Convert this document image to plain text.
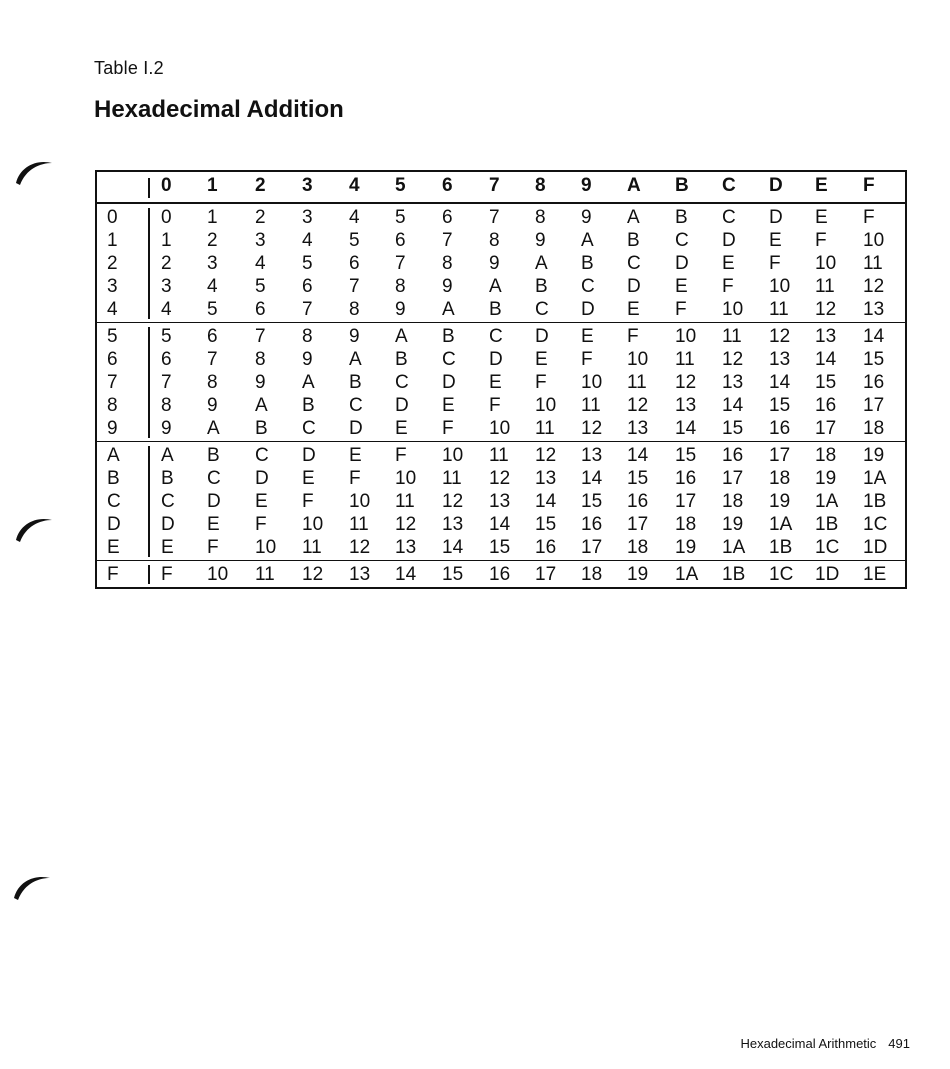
Table I.2
Hexadecimal Addition
0 1 2 3 4 5 6 7 8 9 A B C D E F
0 0 1 2 3 4 5 6 7 8 9 A B C D E F
1 1 2 3 4 5 6 7 8 9 A B C D E F 10
2 2 3 4 5 6 7 8 9 A B C D E F 10 11
3 3 4 5 6 7 8 9 A B C D E F 10 11 12
4 4 5 6 7 8 9 A B C D E F 10 11 12 13
5 5 6 7 8 9 A B C D E F 10 11 12 13 14
6 6 7 8 9 A B C D E F 10 11 12 13 14 15
7 7 8 9 A B C D E F 10 11 12 13 14 15 16
8 8 9 A B C D E F 10 11 12 13 14 15 16 17
9 9 A B C D E F 10 11 12 13 14 15 16 17 18
A A B C D E F 10 11 12 13 14 15 16 17 18 19
B B C D E F 10 11 12 13 14 15 16 17 18 19 1A
C C D E F 10 11 12 13 14 15 16 17 18 19 1A 1B
D D E F 10 11 12 13 14 15 16 17 18 19 1A 1B 1C
E E F 10 11 12 13 14 15 16 17 18 19 1A 1B 1C 1D
F F 10 11 12 13 14 15 16 17 18 19 1A 1B 1C 1D 1E
Hexadecimal Arithmetic 491
